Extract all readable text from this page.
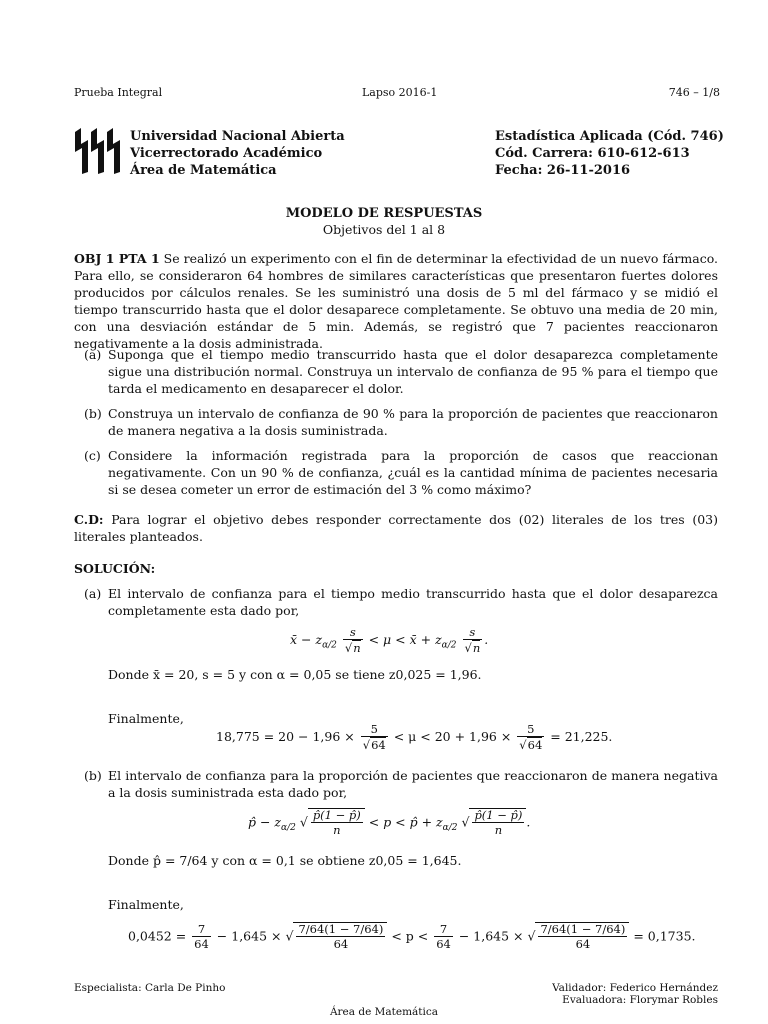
Prueba Integral	Lapso 2016-1	746 – 1/8
Universidad Nacional Abierta
Vicerrectorado Académico
Área de Matemática
Estadística Aplicada (Cód. 746)
Cód. Carrera: 610-612-613
Fecha: 26-11-2016
MODELO DE RESPUESTAS
Objetivos del 1 al 8
OBJ 1 PTA 1 Se realizó un experimento con el fin de determinar la efectividad de un nuevo fármaco. Para ello, se consideraron 64 hombres de similares características que presentaron fuertes dolores producidos por cálculos renales. Se les suministró una dosis de 5 ml del fármaco y se midió el tiempo transcurrido hasta que el dolor desaparece completamente. Se obtuvo una media de 20 min, con una desviación estándar de 5 min. Además, se registró que 7 pacientes reaccionaron negativamente a la dosis administrada.
(a) Suponga que el tiempo medio transcurrido hasta que el dolor desaparezca completamente sigue una distribución normal. Construya un intervalo de confianza de 95 % para el tiempo que tarda el medicamento en desaparecer el dolor.
(b) Construya un intervalo de confianza de 90 % para la proporción de pacientes que reaccionaron de manera negativa a la dosis suministrada.
(c) Considere la información registrada para la proporción de casos que reaccionan negativamente. Con un 90 % de confianza, ¿cuál es la cantidad mínima de pacientes necesaria si se desea cometer un error de estimación del 3 % como máximo?
C.D: Para lograr el objetivo debes responder correctamente dos (02) literales de los tres (03) literales planteados.
SOLUCIÓN:
(a) El intervalo de confianza para el tiempo medio transcurrido hasta que el dolor desaparezca completamente esta dado por,
x̄ − $z_{\alpha/2} \frac{s}{√n} < \mu$ < x̄ + $z_{\alpha/2} \frac{s}{√n}$ .
Donde x̄ = 20, s = 5 y con α = 0,05 se tiene z0,025 = 1,96.
Finalmente,
$18,775 = 20 - 1,96 \times \frac{5}{√64} < \mu < 20 + 1,96 \times \frac{5}{√64} = 21,225$.
(b) El intervalo de confianza para la proporción de pacientes que reaccionaron de manera negativa a la dosis suministrada esta dado por,
p̂ − $z_{\alpha/2}$ √ $\frac{p̂(1 - p̂)}{n} < p$ < p̂ + $z_{\alpha/2}$ √ $\frac{p̂(1 - p̂)}{n}$ .
Donde p̂ = 7/64 y con α = 0,1 se obtiene z0,05 = 1,645.
Finalmente,
$0,0452 = \frac{7}{64} - 1,645$ × √ $\frac{7/64(1 - 7/64)}{64} < p < \frac{7}{64} - 1,645$ × √ $\frac{7/64(1 - 7/64)}{64} = 0,1735$.
Especialista: Carla De Pinho	Validador: Federico Hernández
Evaluadora: Florymar Robles
Área de Matemática
